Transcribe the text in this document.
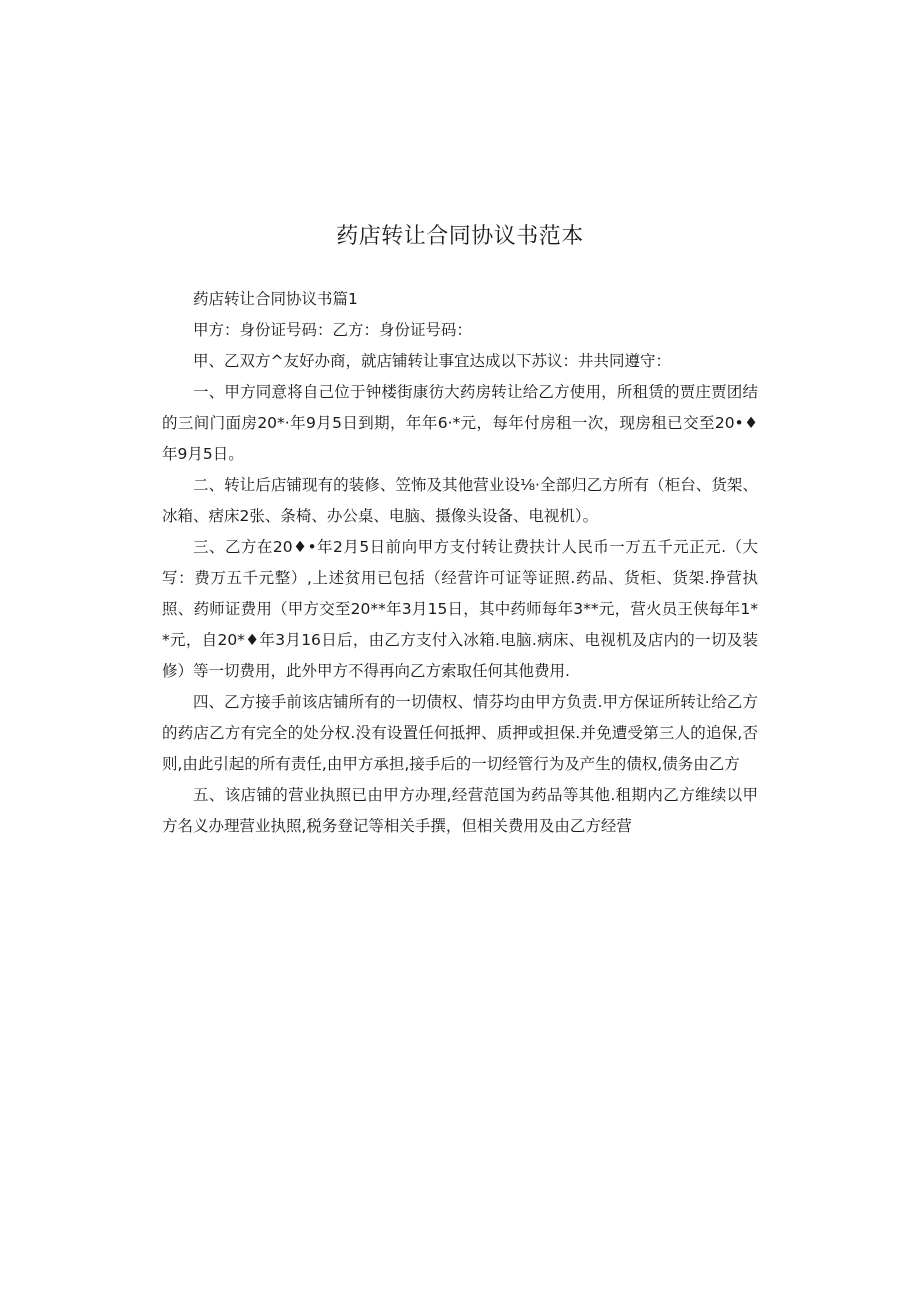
药店转让合同协议书范本

药店转让合同协议书篇1

甲方：身份证号码：乙方：身份证号码：

甲、乙双方^友好办商，就店铺转让事宜达成以下苏议：井共同遵守：

一、甲方同意将自己位于钟楼街康彷大药房转让给乙方使用，所租赁的贾庄贾团结的三间门面房20*·年9月5日到期，年年6·*元，每年付房租一次，现房租已交至20•♦年9月5日。

二、转让后店铺现有的装修、笠怖及其他营业设⅛·全部归乙方所有（柜台、货架、冰箱、痞床2张、条椅、办公桌、电脑、摄像头设备、电视机）。

三、乙方在20♦•年2月5日前向甲方支付转让费扶计人民币一万五千元正元.（大写：费万五千元整）,上述贫用已包括（经营许可证等证照.药品、货柜、货架.挣营执照、药师证费用（甲方交至20**年3月15日，其中药师每年3**元，营火员王侠每年1**元，自20*♦年3月16日后，由乙方支付入冰箱.电脑.病床、电视机及店内的一切及装修）等一切费用，此外甲方不得再向乙方索取任何其他费用.

四、乙方接手前该店铺所有的一切债权、情芬均由甲方负责.甲方保证所转让给乙方的药店乙方有完全的处分权.没有设置任何抵押、质押或担保.并免遭受第三人的追保,否则,由此引起的所有责任,由甲方承担,接手后的一切经管行为及产生的债权,债务由乙方

五、该店铺的营业执照已由甲方办理,经营范国为药品等其他.租期内乙方维续以甲方名义办理营业执照,税务登记等相关手撰，但相关费用及由乙方经营
